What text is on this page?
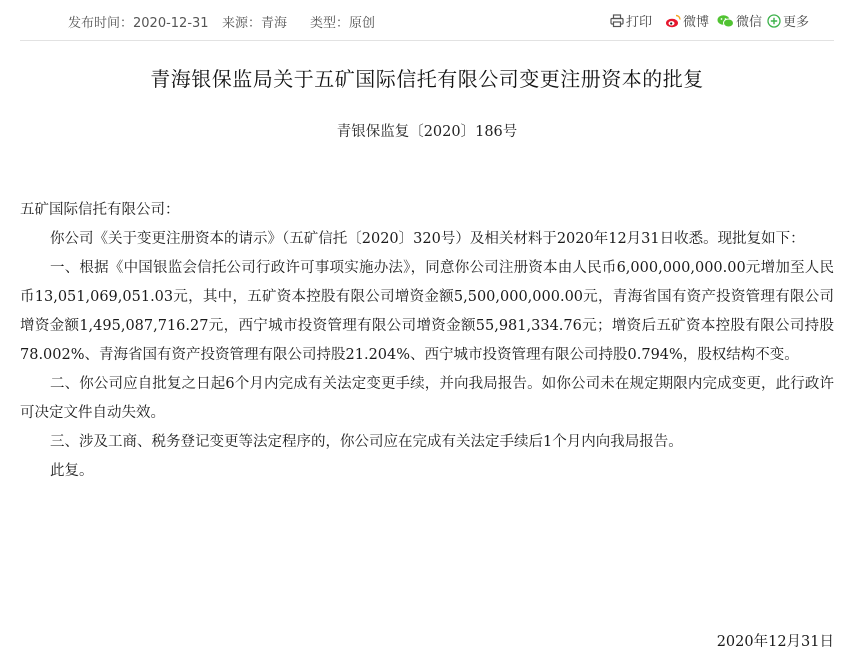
发布时间：2020-12-31 来源：青海 类型：原创	打印 微博 微信 更多
青海银保监局关于五矿国际信托有限公司变更注册资本的批复
青银保监复〔2020〕186号

五矿国际信托有限公司：

你公司《关于变更注册资本的请示》（五矿信托〔2020〕320号）及相关材料于2020年12月31日收悉。现批复如下：

一、根据《中国银监会信托公司行政许可事项实施办法》，同意你公司注册资本由人民币6,000,000,000.00元增加至人民币13,051,069,051.03元，其中，五矿资本控股有限公司增资金额5,500,000,000.00元，青海省国有资产投资管理有限公司增资金额1,495,087,716.27元，西宁城市投资管理有限公司增资金额55,981,334.76元；增资后五矿资本控股有限公司持股78.002%、青海省国有资产投资管理有限公司持股21.204%、西宁城市投资管理有限公司持股0.794%，股权结构不变。

二、你公司应自批复之日起6个月内完成有关法定变更手续，并向我局报告。如你公司未在规定期限内完成变更，此行政许可决定文件自动失效。

三、涉及工商、税务登记变更等法定程序的，你公司应在完成有关法定手续后1个月内向我局报告。

此复。

2020年12月31日
